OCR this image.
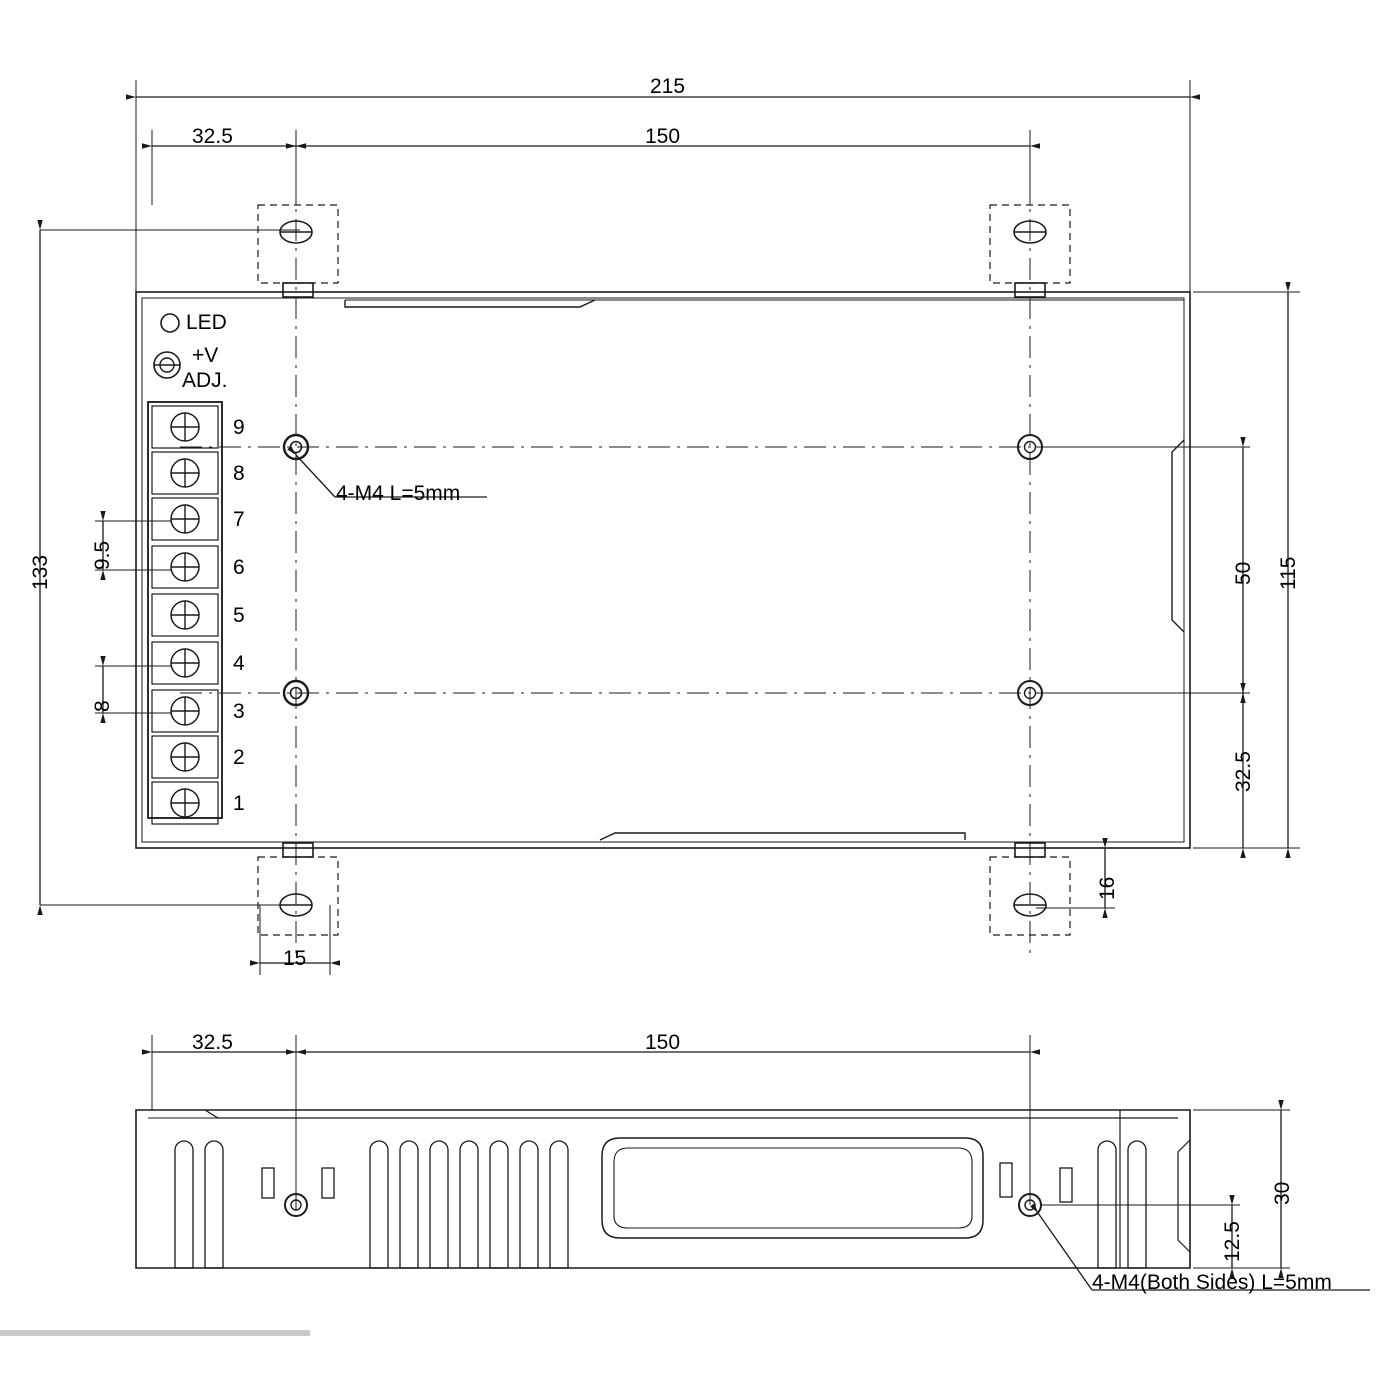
215
32.5	150
133	115
50
32.5
16
15
9.5
8
LED
+V
ADJ.
4-M4 L=5mm
9
8
7
6
5
4
3
2
1
32.5	150
30
12.5
4-M4(Both Sides) L=5mm
